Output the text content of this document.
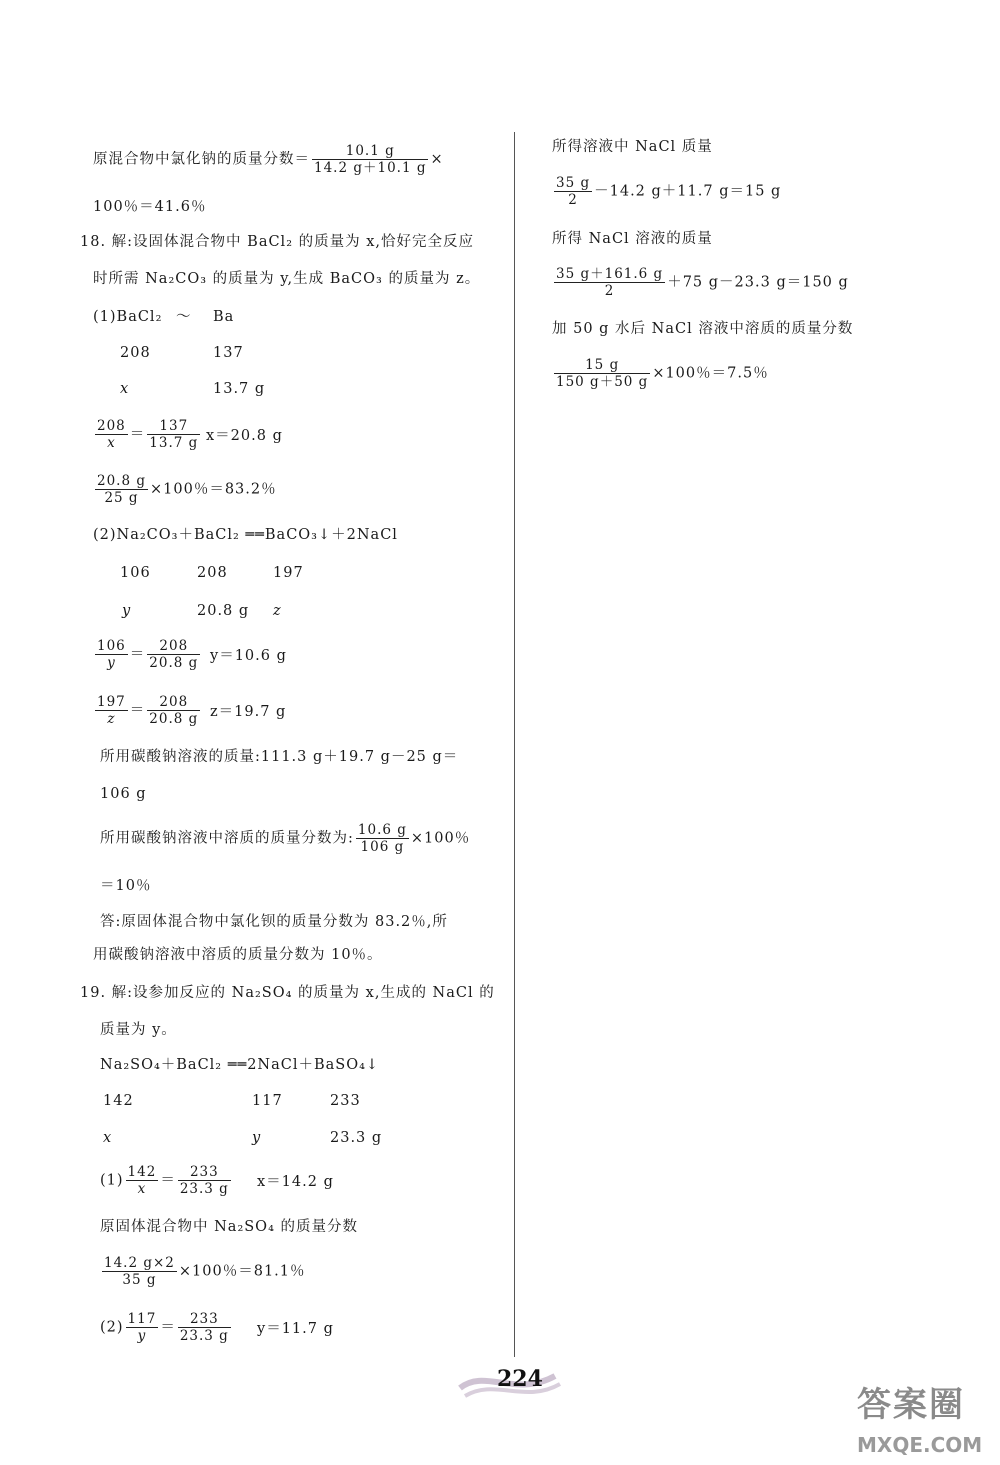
原混合物中氯化钠的质量分数＝ $\frac{10.1 g}{14.2 g+10.1 g}$ ×
100％＝41.6％
18. 解:设固体混合物中 BaCl₂ 的质量为 x,恰好完全反应
时所需 Na₂CO₃ 的质量为 y,生成 BaCO₃ 的质量为 z。
(1)BaCl₂ ～ Ba
208	137
x	13.7 g
$\frac{208}{x} = \frac{137}{13.7 g} x=20.8$ g
$\frac{20.8 g}{25 g} \times 100$％＝83.2％
(2)Na₂CO₃＋BaCl₂ ══BaCO₃↓＋2NaCl
106	208	197
y	20.8 g z
$\frac{106}{y} = \frac{208}{20.8 g} y=10.6$ g
$\frac{197}{z} = \frac{208}{20.8 g} z=19.7$ g
所用碳酸钠溶液的质量:111.3 g＋19.7 g－25 g＝
106 g
所用碳酸钠溶液中溶质的质量分数为: $\frac{10.6 g}{106 g} \times 100$％
＝10％
答:原固体混合物中氯化钡的质量分数为 83.2％,所
用碳酸钠溶液中溶质的质量分数为 10％。
19. 解:设参加反应的 Na₂SO₄ 的质量为 x,生成的 NaCl 的
质量为 y。
Na₂SO₄＋BaCl₂ ══2NaCl＋BaSO₄↓
142	117	233
x	y	23.3 g
$(1) \frac{142}{x} = \frac{233}{23.3 g} x=14.2$ g
原固体混合物中 Na₂SO₄ 的质量分数
$\frac{14.2 g\times 2}{35 g} \times 100$％＝81.1％
$(2) \frac{117}{y} = \frac{233}{23.3 g} y=11.7$ g
所得溶液中 NaCl 质量
$\frac{35 g}{2} -14.2$ g＋11.7 g＝15 g
所得 NaCl 溶液的质量
$\frac{35 g+161.6 g}{2} +75$ g－23.3 g＝150 g
加 50 g 水后 NaCl 溶液中溶质的质量分数
$\frac{15 g}{150 g+50 g} \times 100$％＝7.5％
224
答案圈
MXQE.COM
